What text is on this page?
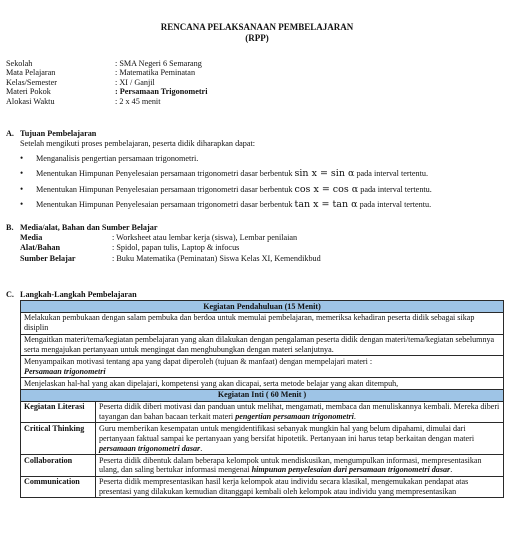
RENCANA PELAKSANAAN PEMBELAJARAN
(RPP)
Sekolah	: SMA Negeri 6 Semarang
Mata Pelajaran	: Matematika Peminatan
Kelas/Semester	: XI / Ganjil
Materi Pokok	: Persamaan Trigonometri
Alokasi Waktu	: 2 x 45 menit
A. Tujuan Pembelajaran
Setelah mengikuti proses pembelajaran, peserta didik diharapkan dapat:
• Menganalisis pengertian persamaan trigonometri.
• Menentukan Himpunan Penyelesaian persamaan trigonometri dasar berbentuk sin x = sin α pada interval tertentu.
• Menentukan Himpunan Penyelesaian persamaan trigonometri dasar berbentuk cos x = cos α pada interval tertentu.
• Menentukan Himpunan Penyelesaian persamaan trigonometri dasar berbentuk tan x = tan α pada interval tertentu.
B. Media/alat, Bahan dan Sumber Belajar
Media	: Worksheet atau lembar kerja (siswa), Lembar penilaian
Alat/Bahan	: Spidol, papan tulis, Laptop & infocus
Sumber Belajar	: Buku Matematika (Peminatan) Siswa Kelas XI, Kemendikbud
C. Langkah-Langkah Pembelajaran
Kegiatan Pendahuluan (15 Menit)	
Melakukan pembukaan dengan salam pembuka dan berdoa untuk memulai pembelajaran, memeriksa kehadiran peserta didik sebagai sikap disiplin	
Mengaitkan materi/tema/kegiatan pembelajaran yang akan dilakukan dengan pengalaman peserta didik dengan materi/tema/kegiatan sebelumnya serta mengajukan pertanyaan untuk mengingat dan menghubungkan dengan materi selanjutnya.	
Menyampaikan motivasi tentang apa yang dapat diperoleh (tujuan & manfaat) dengan mempelajari materi :
Persamaan trigonometri	
Menjelaskan hal-hal yang akan dipelajari, kompetensi yang akan dicapai, serta metode belajar yang akan ditempuh,	
Kegiatan Inti ( 60 Menit )	
Kegiatan Literasi	Peserta didik diberi motivasi dan panduan untuk melihat, mengamati, membaca dan menuliskannya kembali. Mereka diberi tayangan dan bahan bacaan terkait materi pengertian persamaan trigonometri.
Critical Thinking	Guru memberikan kesempatan untuk mengidentifikasi sebanyak mungkin hal yang belum dipahami, dimulai dari pertanyaan faktual sampai ke pertanyaan yang bersifat hipotetik. Pertanyaan ini harus tetap berkaitan dengan materi persamaan trigonometri dasar.
Collaboration	Peserta didik dibentuk dalam beberapa kelompok untuk mendiskusikan, mengumpulkan informasi, mempresentasikan ulang, dan saling bertukar informasi mengenai himpunan penyelesaian dari persamaan trigonometri dasar.
Communication	Peserta didik mempresentasikan hasil kerja kelompok atau individu secara klasikal, mengemukakan pendapat atas presentasi yang dilakukan kemudian ditanggapi kembali oleh kelompok atau individu yang mempresentasikan
